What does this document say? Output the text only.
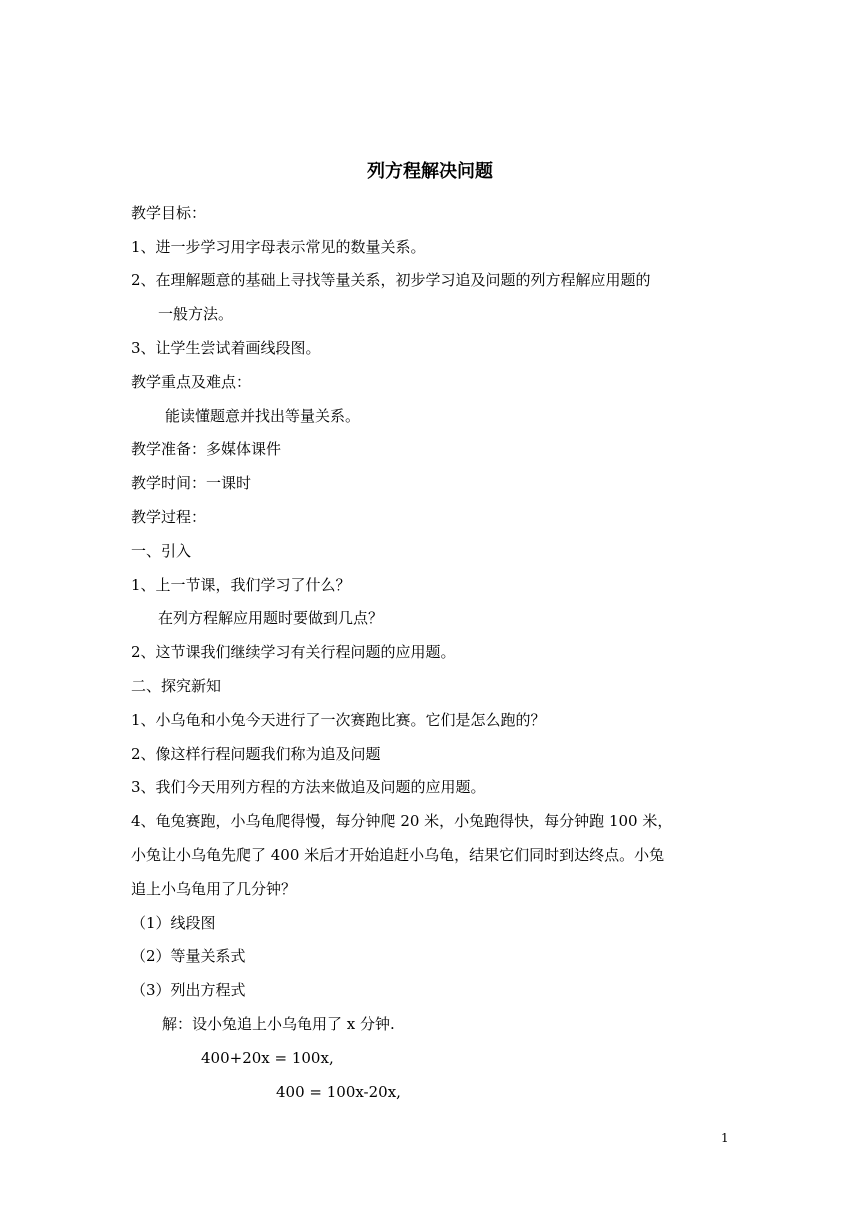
列方程解决问题
教学目标：
1、进一步学习用字母表示常见的数量关系。
2、在理解题意的基础上寻找等量关系，初步学习追及问题的列方程解应用题的
一般方法。
3、让学生尝试着画线段图。
教学重点及难点：
能读懂题意并找出等量关系。
教学准备：多媒体课件
教学时间：一课时
教学过程：
一、引入
1、上一节课，我们学习了什么？
在列方程解应用题时要做到几点？
2、这节课我们继续学习有关行程问题的应用题。
二、探究新知
1、小乌龟和小兔今天进行了一次赛跑比赛。它们是怎么跑的？
2、像这样行程问题我们称为追及问题
3、我们今天用列方程的方法来做追及问题的应用题。
4、龟兔赛跑，小乌龟爬得慢，每分钟爬 20 米，小兔跑得快，每分钟跑 100 米，
小兔让小乌龟先爬了 400 米后才开始追赶小乌龟，结果它们同时到达终点。小兔
追上小乌龟用了几分钟？
（1）线段图
（2）等量关系式
（3）列出方程式
解：设小兔追上小乌龟用了 x 分钟.
400+20x = 100x,
400 = 100x-20x,
1
